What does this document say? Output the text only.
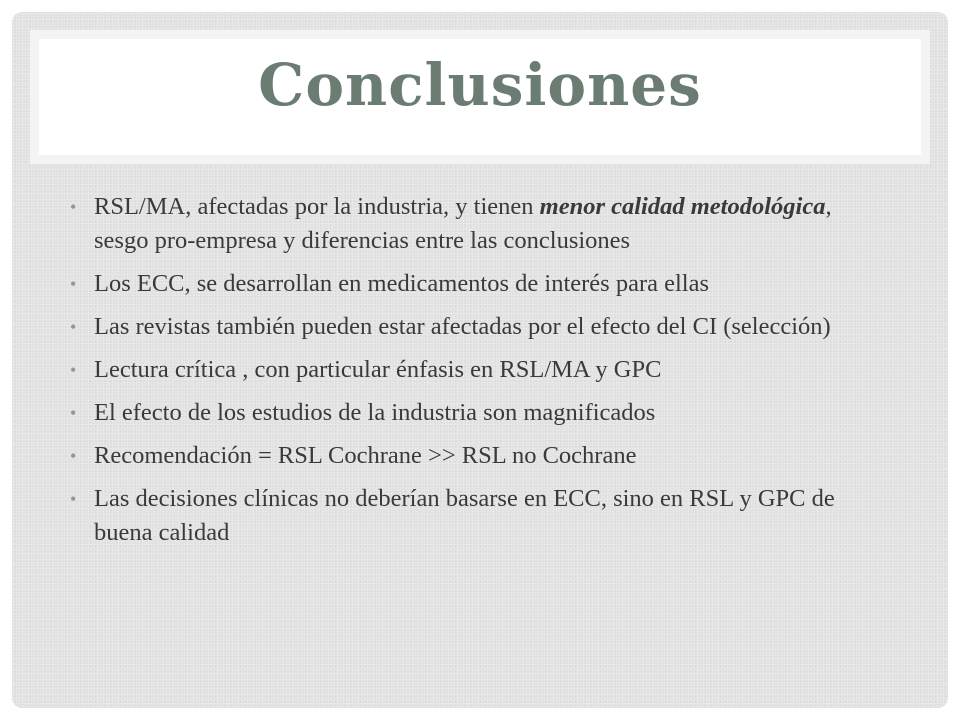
Conclusiones
• RSL/MA, afectadas por la industria, y tienen menor calidad metodológica, sesgo pro-empresa y diferencias entre las conclusiones
• Los ECC, se desarrollan en medicamentos de interés para ellas
• Las revistas también pueden estar afectadas por el efecto del CI (selección)
• Lectura crítica , con particular énfasis en RSL/MA y GPC
• El efecto de los estudios de la industria son magnificados
• Recomendación = RSL Cochrane >> RSL no Cochrane
• Las decisiones clínicas no deberían basarse en ECC, sino en RSL y GPC de buena calidad
